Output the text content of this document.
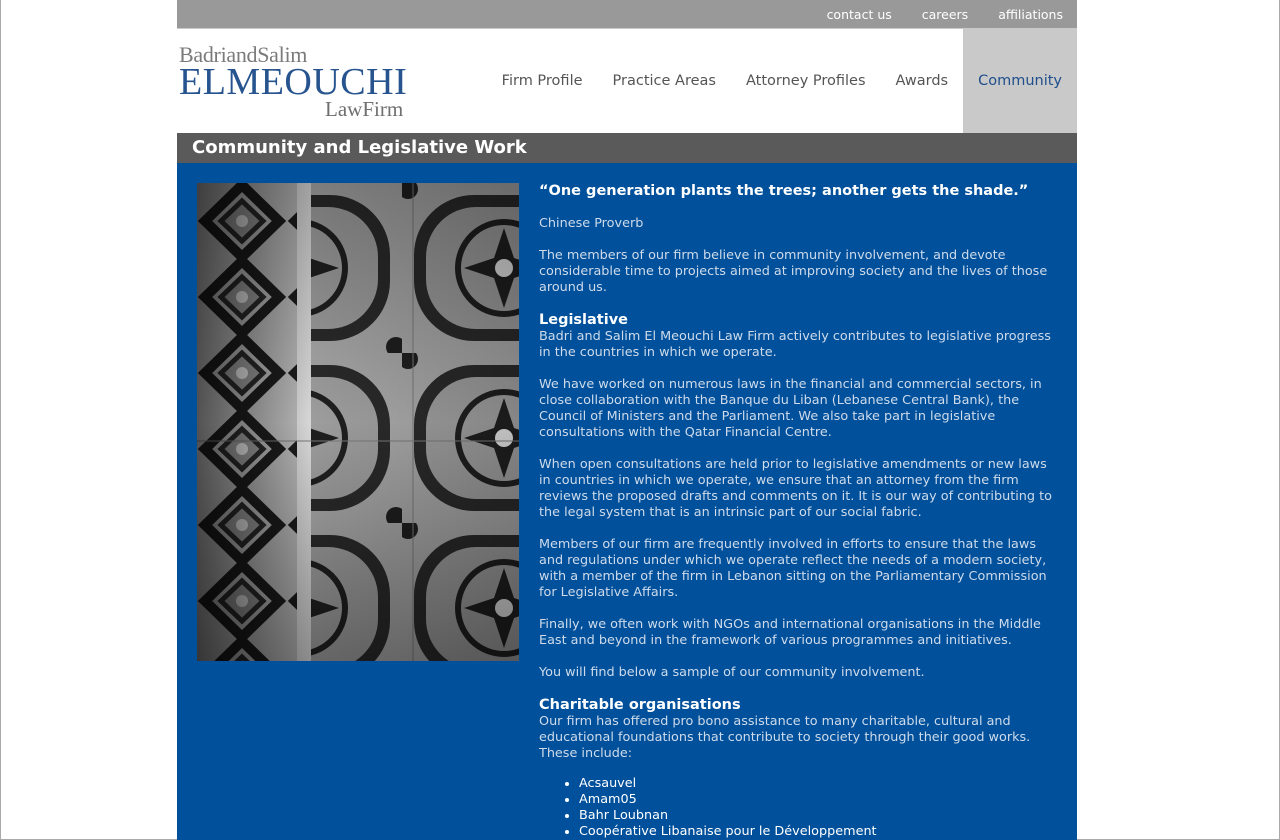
contact us careers affiliations
BadriandSalim
ELMEOUCHI
LawFirm
Firm Profile	Practice Areas	Attorney Profiles	Awards	Community
Community and Legislative Work

“One generation plants the trees; another gets the shade.”

Chinese Proverb

The members of our firm believe in community involvement, and devote considerable time to projects aimed at improving society and the lives of those around us.

Legislative

Badri and Salim El Meouchi Law Firm actively contributes to legislative progress in the countries in which we operate.

We have worked on numerous laws in the financial and commercial sectors, in close collaboration with the Banque du Liban (Lebanese Central Bank), the Council of Ministers and the Parliament. We also take part in legislative consultations with the Qatar Financial Centre.

When open consultations are held prior to legislative amendments or new laws in countries in which we operate, we ensure that an attorney from the firm reviews the proposed drafts and comments on it. It is our way of contributing to the legal system that is an intrinsic part of our social fabric.

Members of our firm are frequently involved in efforts to ensure that the laws and regulations under which we operate reflect the needs of a modern society, with a member of the firm in Lebanon sitting on the Parliamentary Commission for Legislative Affairs.

Finally, we often work with NGOs and international organisations in the Middle East and beyond in the framework of various programmes and initiatives.

You will find below a sample of our community involvement.

Charitable organisations

Our firm has offered pro bono assistance to many charitable, cultural and educational foundations that contribute to society through their good works. These include:

• Acsauvel
• Amam05
• Bahr Loubnan
• Coopérative Libanaise pour le Développement
